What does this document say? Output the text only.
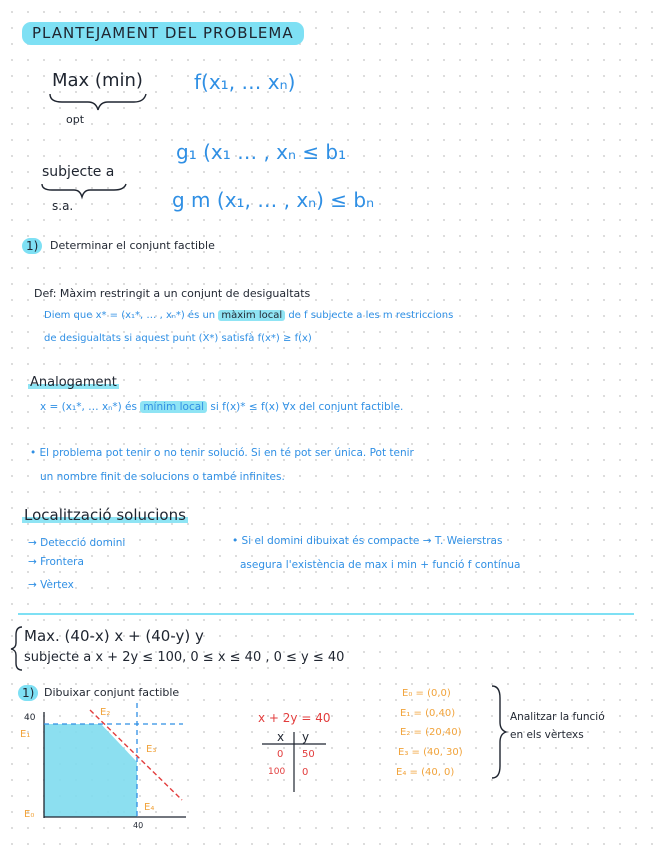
PLANTEJAMENT DEL PROBLEMA
Max (min)
opt
f(x₁, … xₙ)
subjecte a
s.a.
g₁ (x₁ … , xₙ ≤ b₁
g m (x₁, … , xₙ) ≤ bₙ
1)	Determinar el conjunt factible
Def: Màxim restringit a un conjunt de desigualtats
Diem que x* = (x₁*, … , xₙ*) és un màxim local de f subjecte a les m restriccions
de desigualtats si aquest punt (X*) satisfà f(x*) ≥ f(x)
Analogament
x = (x₁*, … xₙ*) és mínim local si f(x)* ≤ f(x) ∀x del conjunt factible.
• El problema pot tenir o no tenir solució. Si en té pot ser única. Pot tenir
un nombre finit de solucions o també infinites.
Localització solucions
→ Detecció domini
→ Frontera
→ Vèrtex
• Si el domini dibuixat és compacte → T. Weierstras
asegura l'existència de max i min + funció f contínua
Max. (40-x) x + (40-y) y
subjecte a x + 2y ≤ 100, 0 ≤ x ≤ 40 , 0 ≤ y ≤ 40
1) Dibuixar conjunt factible
40
40
E₀
E₁
E₂
E₃
E₄
x + 2y = 40
x y
0 50
100 0
E₀ = (0,0)
E₁ = (0,40)
E₂ = (20,40)
E₃ = (40, 30)
E₄ = (40, 0)
Analitzar la funció
en els vèrtexs
